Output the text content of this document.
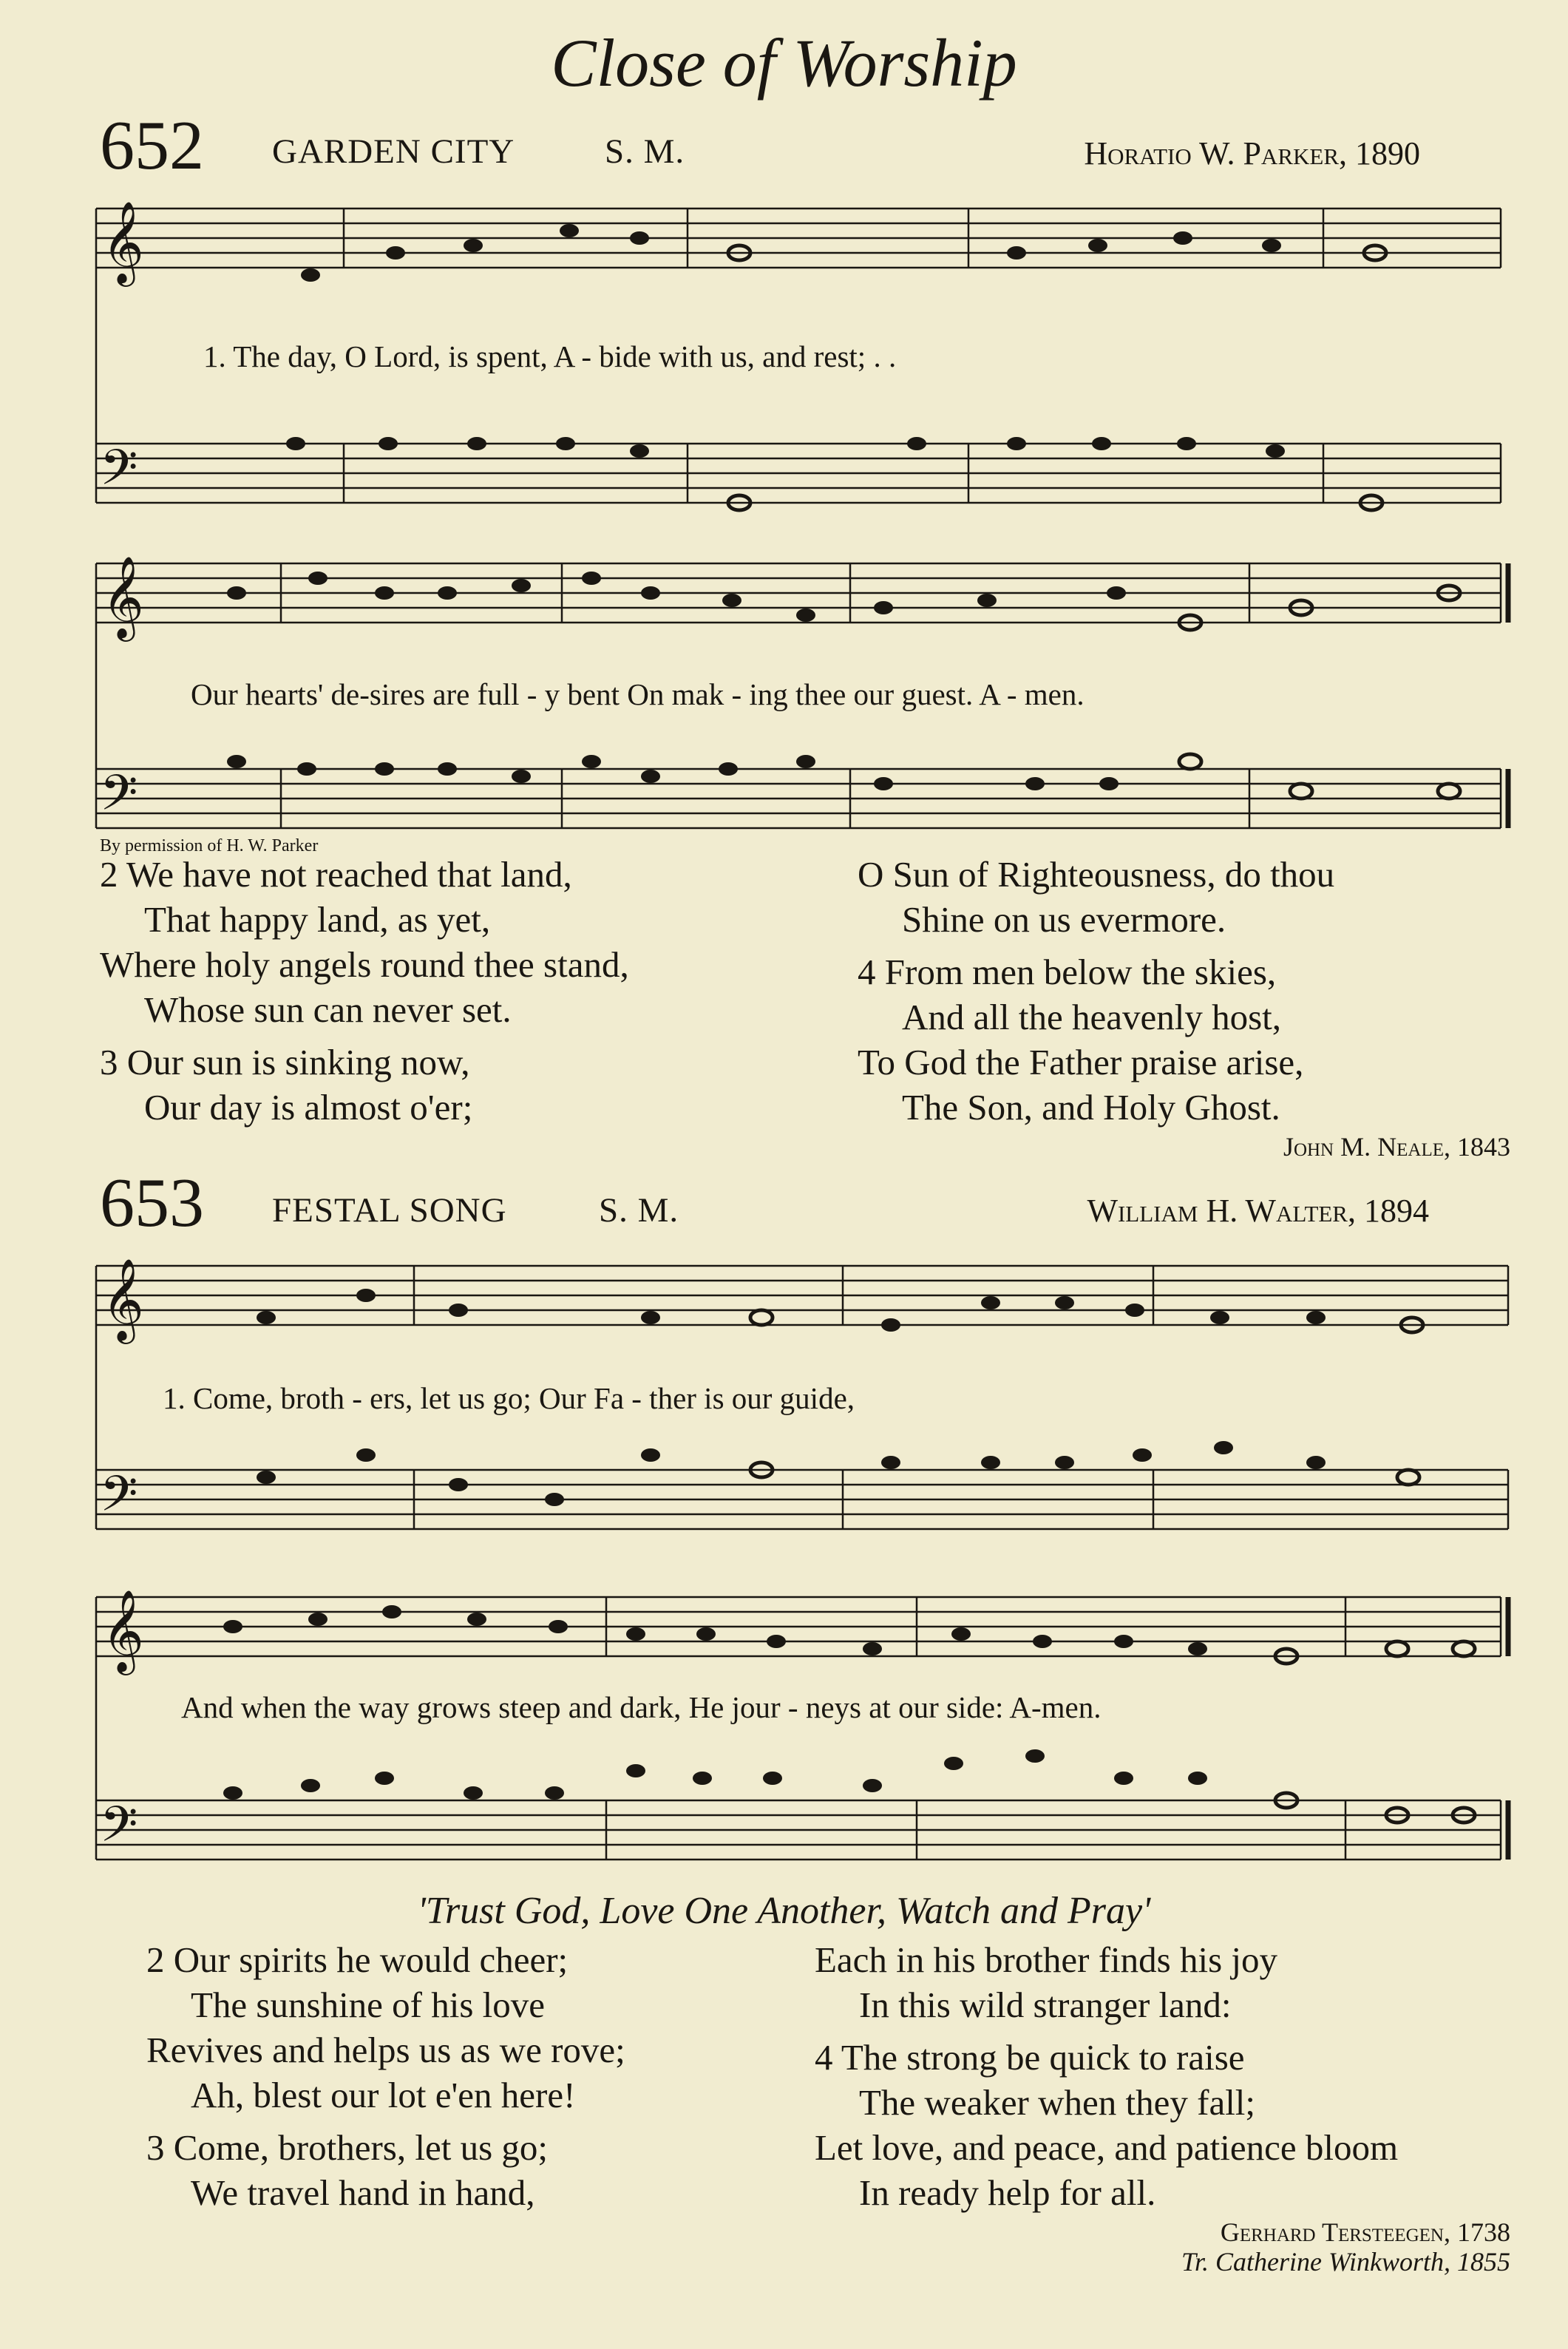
Close of Worship
652 GARDEN CITY	S. M.	Horatio W. Parker, 1890
𝄞
𝄢
𝄞
𝄢
𝄞
𝄢
𝄞
𝄢
1. The day, O Lord, is spent, A - bide with us, and rest; . .
Our hearts' de-sires are full - y bent On mak - ing thee our guest. A - men.
By permission of H. W. Parker
2 We have not reached that land,
That happy land, as yet,
Where holy angels round thee stand,
Whose sun can never set.
3 Our sun is sinking now,
Our day is almost o'er;
O Sun of Righteousness, do thou
Shine on us evermore.
4 From men below the skies,
And all the heavenly host,
To God the Father praise arise,
The Son, and Holy Ghost.
John M. Neale, 1843
653 FESTAL SONG	S. M.	William H. Walter, 1894
1. Come, broth - ers, let us go; Our Fa - ther is our guide,
And when the way grows steep and dark, He jour - neys at our side: A-men.
'Trust God, Love One Another, Watch and Pray'
2 Our spirits he would cheer;
The sunshine of his love
Revives and helps us as we rove;
Ah, blest our lot e'en here!
3 Come, brothers, let us go;
We travel hand in hand,
Each in his brother finds his joy
In this wild stranger land:
4 The strong be quick to raise
The weaker when they fall;
Let love, and peace, and patience bloom
In ready help for all.
Gerhard Tersteegen, 1738
Tr. Catherine Winkworth, 1855
